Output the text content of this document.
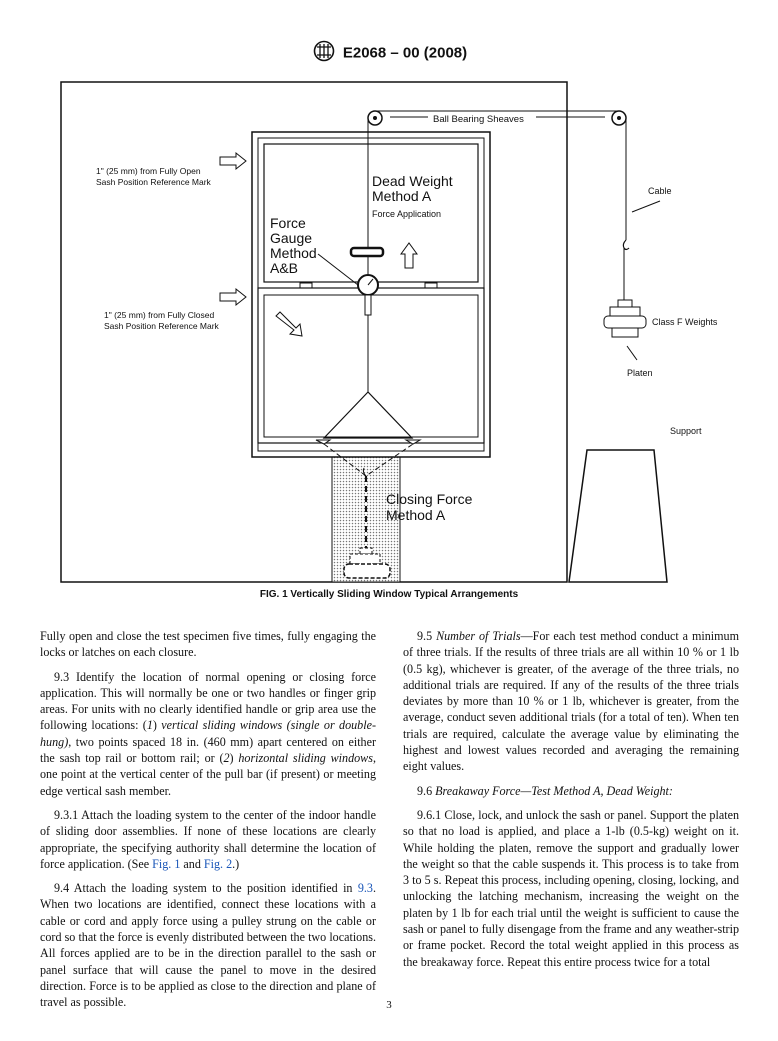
E2068 – 00 (2008)
Ball Bearing Sheaves
Cable
Class F Weights
Platen
Support
1" (25 mm) from Fully Open
Sash Position Reference Mark
1" (25 mm) from Fully Closed
Sash Position Reference Mark
Dead Weight
Method A
Force Application
Force
Gauge
Method
A&B
Closing Force
Method A
FIG. 1 Vertically Sliding Window Typical Arrangements

Fully open and close the test specimen five times, fully engaging the locks or latches on each closure.

9.3 Identify the location of normal opening or closing force application. This will normally be one or two handles or finger grip areas. For units with no clearly identified handle or grip area use the following locations: (1) vertical sliding windows (single or double-hung), two points spaced 18 in. (460 mm) apart centered on either the sash top rail or bottom rail; or (2) horizontal sliding windows, one point at the vertical center of the pull bar (if present) or meeting edge vertical sash member.

9.3.1 Attach the loading system to the center of the indoor handle of sliding door assemblies. If none of these locations are clearly appropriate, the specifying authority shall determine the location of force application. (See Fig. 1 and Fig. 2.)

9.4 Attach the loading system to the position identified in 9.3. When two locations are identified, connect these locations with a cable or cord and apply force using a pulley strung on the cable or cord so that the force is evenly distributed between the two locations. All forces applied are to be in the direction parallel to the sash or panel surface that will cause the panel to move in the desired direction. Force is to be applied as close to the direction and plane of travel as possible.

9.5 Number of Trials—For each test method conduct a minimum of three trials. If the results of three trials are all within 10 % or 1 lb (0.5 kg), whichever is greater, of the average of the three trials, no additional trials are required. If any of the results of the three trials deviates by more than 10 % or 1 lb, whichever is greater, from the average, conduct seven additional trials (for a total of ten). When ten trials are required, calculate the average value by eliminating the highest and lowest values recorded and averaging the remaining eight values.

9.6 Breakaway Force—Test Method A, Dead Weight:

9.6.1 Close, lock, and unlock the sash or panel. Support the platen so that no load is applied, and place a 1-lb (0.5-kg) weight on it. While holding the platen, remove the support and gradually lower the weight so that the cable suspends it. This process is to take from 3 to 5 s. Repeat this process, including opening, closing, locking, and unlocking the latching mechanism, increasing the weight on the platen by 1 lb for each trial until the weight is sufficient to cause the sash or panel to fully disengage from the frame and any weather-strip or frame pocket. Record the total weight applied in this process as the breakaway force. Repeat this entire process twice for a total

3
